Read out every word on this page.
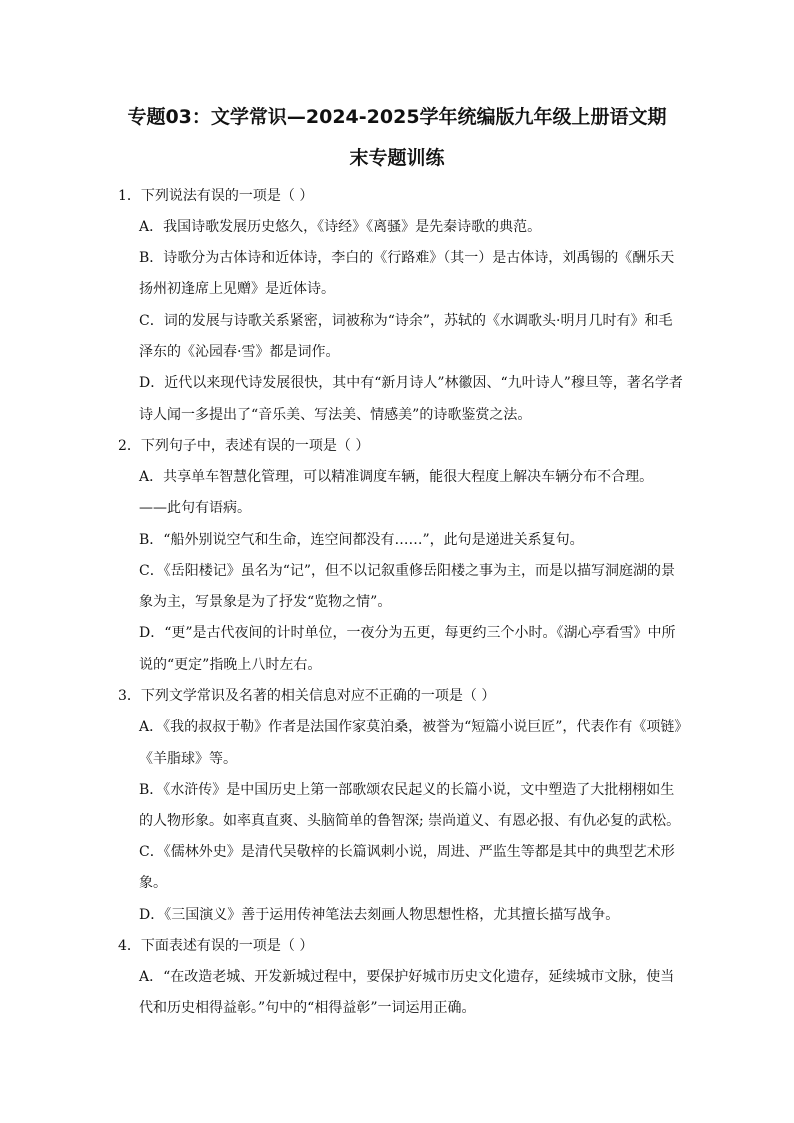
专题03：文学常识—2024-2025学年统编版九年级上册语文期
末专题训练
1．下列说法有误的一项是（ ）
A．我国诗歌发展历史悠久，《诗经》《离骚》是先秦诗歌的典范。
B．诗歌分为古体诗和近体诗，李白的《行路难》（其一）是古体诗，刘禹锡的《酬乐天
扬州初逢席上见赠》是近体诗。
C．词的发展与诗歌关系紧密，词被称为“诗余”，苏轼的《水调歌头·明月几时有》和毛
泽东的《沁园春·雪》都是词作。
D．近代以来现代诗发展很快，其中有“新月诗人”林徽因、“九叶诗人”穆旦等，著名学者
诗人闻一多提出了“音乐美、写法美、情感美”的诗歌鉴赏之法。
2．下列句子中，表述有误的一项是（ ）
A．共享单车智慧化管理，可以精准调度车辆，能很大程度上解决车辆分布不合理。
——此句有语病。
B．“船外别说空气和生命，连空间都没有……”，此句是递进关系复句。
C．《岳阳楼记》虽名为“记”，但不以记叙重修岳阳楼之事为主，而是以描写洞庭湖的景
象为主，写景象是为了抒发“览物之情”。
D．“更”是古代夜间的计时单位，一夜分为五更，每更约三个小时。《湖心亭看雪》中所
说的“更定”指晚上八时左右。
3．下列文学常识及名著的相关信息对应不正确的一项是（ ）
A．《我的叔叔于勒》作者是法国作家莫泊桑，被誉为“短篇小说巨匠”，代表作有《项链》
《羊脂球》等。
B．《水浒传》是中国历史上第一部歌颂农民起义的长篇小说，文中塑造了大批栩栩如生
的人物形象。如率真直爽、头脑简单的鲁智深; 崇尚道义、有恩必报、有仇必复的武松。
C．《儒林外史》是清代吴敬梓的长篇讽刺小说，周进、严监生等都是其中的典型艺术形
象。
D．《三国演义》善于运用传神笔法去刻画人物思想性格，尤其擅长描写战争。
4．下面表述有误的一项是（ ）
A．“在改造老城、开发新城过程中，要保护好城市历史文化遗存，延续城市文脉，使当
代和历史相得益彰。”句中的“相得益彰”一词运用正确。
